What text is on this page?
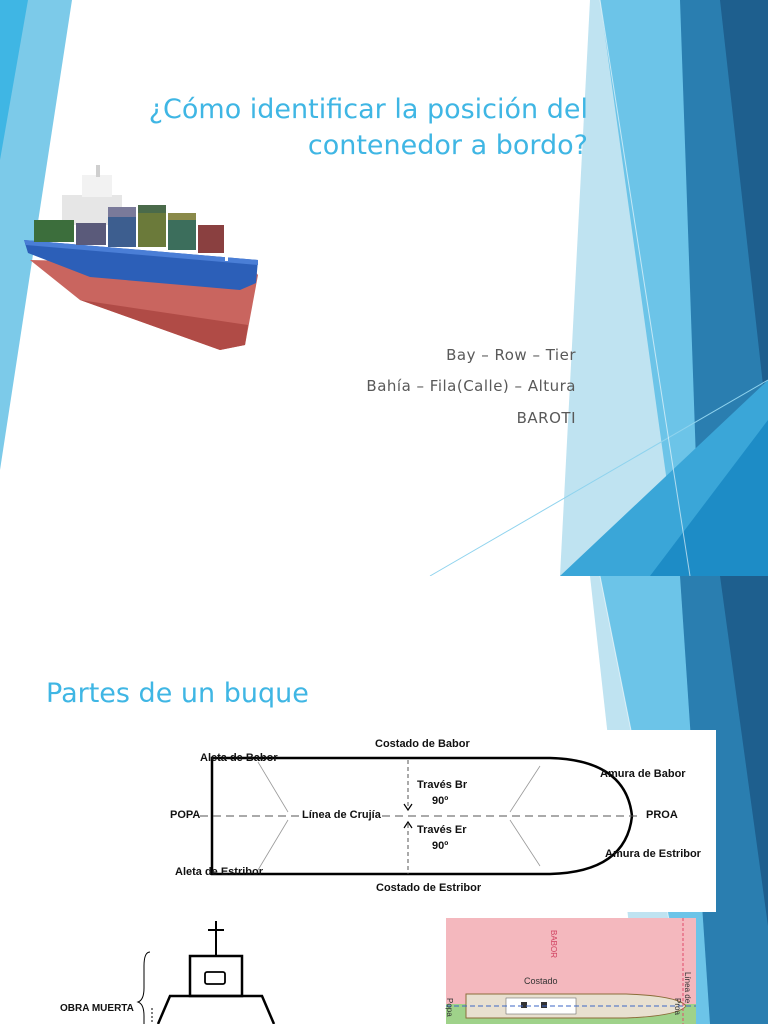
¿Cómo identificar la posición del contenedor a bordo?
Bay – Row – Tier
Bahía – Fila(Calle) – Altura
BAROTI
Partes de un buque
Costado de Babor
Costado de Estribor
Aleta de Babor
Aleta de Estribor
Amura de Babor
Amura de Estribor
POPA	PROA
Línea de Crujía
Través Br
90º
Través Er
90º
OBRA MUERTA
BABOR
Costado
Popa	Proa
Línea de
